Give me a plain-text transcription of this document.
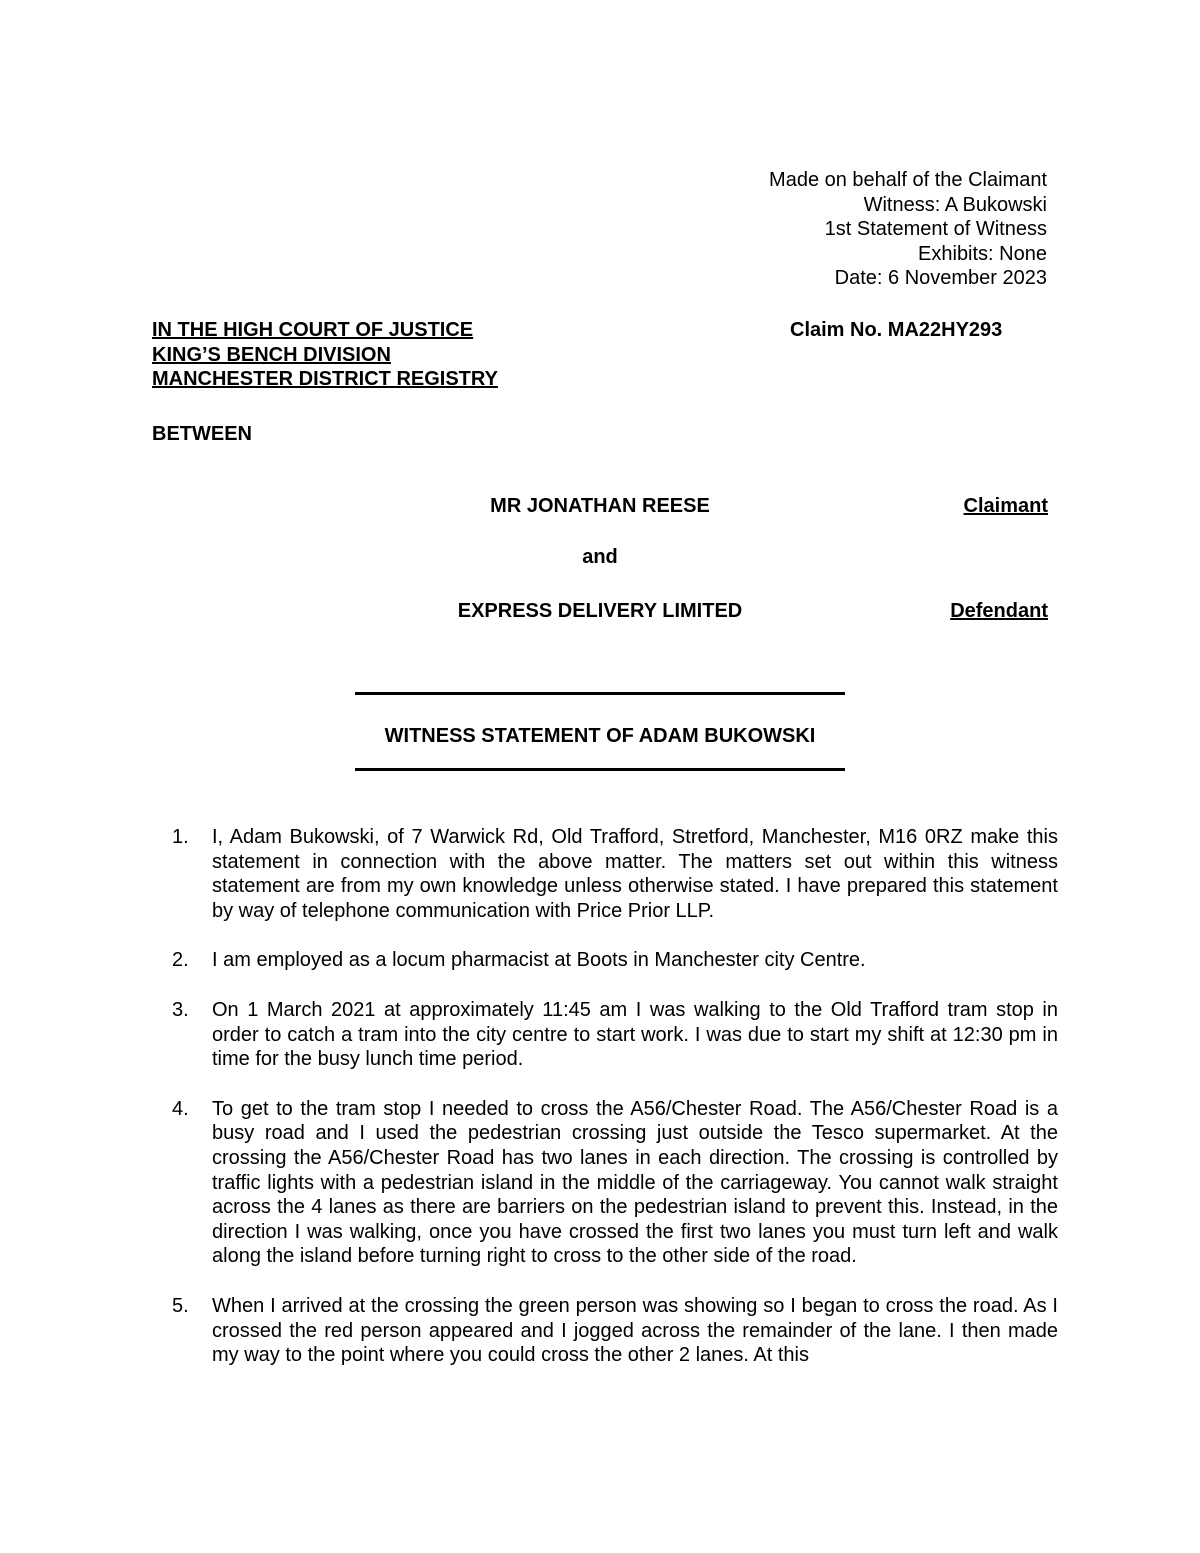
Made on behalf of the Claimant
Witness: A Bukowski
1st Statement of Witness
Exhibits: None
Date: 6 November 2023
IN THE HIGH COURT OF JUSTICE
KING’S BENCH DIVISION
MANCHESTER DISTRICT REGISTRY
Claim No. MA22HY293
BETWEEN
MR JONATHAN REESE	Claimant
and
EXPRESS DELIVERY LIMITED	Defendant
WITNESS STATEMENT OF ADAM BUKOWSKI
1.	I, Adam Bukowski, of 7 Warwick Rd, Old Trafford, Stretford, Manchester, M16 0RZ make this statement in connection with the above matter. The matters set out within this witness statement are from my own knowledge unless otherwise stated. I have prepared this statement by way of telephone communication with Price Prior LLP.
2.	I am employed as a locum pharmacist at Boots in Manchester city Centre.
3.	On 1 March 2021 at approximately 11:45 am I was walking to the Old Trafford tram stop in order to catch a tram into the city centre to start work. I was due to start my shift at 12:30 pm in time for the busy lunch time period.
4.	To get to the tram stop I needed to cross the A56/Chester Road. The A56/Chester Road is a busy road and I used the pedestrian crossing just outside the Tesco supermarket. At the crossing the A56/Chester Road has two lanes in each direction. The crossing is controlled by traffic lights with a pedestrian island in the middle of the carriageway. You cannot walk straight across the 4 lanes as there are barriers on the pedestrian island to prevent this. Instead, in the direction I was walking, once you have crossed the first two lanes you must turn left and walk along the island before turning right to cross to the other side of the road.
5.	When I arrived at the crossing the green person was showing so I began to cross the road. As I crossed the red person appeared and I jogged across the remainder of the lane. I then made my way to the point where you could cross the other 2 lanes. At this
